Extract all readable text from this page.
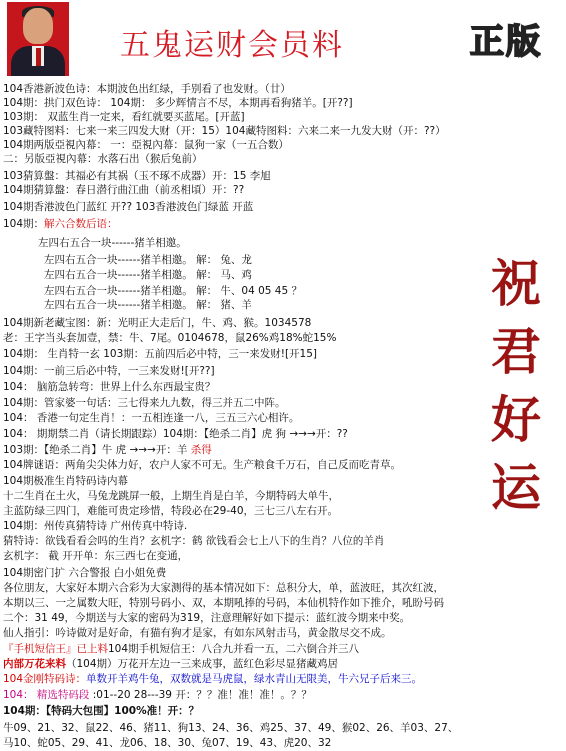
五鬼运财会员料	正版
104香港新波色诗：本期波色出红绿，手别看了也发财。（廿）
104期：拱门双色诗： 104期： 多少辉情言不尽，本期再看狗猪羊。[开??]
103期： 双蓝生肖一定来，看红就要买蓝尾。[开蓝]
103藏特图料：七来一来三四发大财（开：15）104藏特图料：六来二来一九发大财（开：??）
104期两版亞視內幕： 一：亞視內幕：鼠狗一家（一五合数）
二：另版亞視內幕：水落石出（猴后兔前）
103猜算盤：其福必有其祸（玉不琢不成器）开：15 李旭
104期猜算盤：春日潜行曲江曲（前丞相頃）开：??
104期香港波色门蓝红 开?? 103香港波色门绿蓝 开蓝
104期：解六合数后语：
左四右五合一块------猪羊相邀。
左四右五合一块------猪羊相邀。 解： 兔、龙
左四右五合一块------猪羊相邀。 解： 马、鸡
左四右五合一块------猪羊相邀。 解： 牛、04 05 45 ？
左四右五合一块------猪羊相邀。 解： 猪、羊
104期新老藏宝图：新：光明正大走后门，牛、鸡、猴。1034578
老：王字当头套加壹，禁：牛、7尾。0104678，鼠26%鸡18%蛇15%
104期： 生肖特一玄 103期：五前四后必中特，三一来发财![开15]
104期：一前三后必中特，一三来发财![开??]
104： 脑筋急转弯：世界上什么东西最宝贵？
104期：管家婆一句话：三七得来九九数，得三并五二中阵。
104： 香港一句定生肖！：一五相连逢一八，三五三六心相许。
104： 期期禁二肖（请长期跟踪）104期：【绝杀二肖】虎 狗 →→→开：??
103期：【绝杀二肖】牛 虎 →→→开：羊 杀得
104牌谜语：两角尖尖体力好，农户人家不可无。生产粮食千万石，自己反而吃青草。
104期极准生肖特码诗内幕
十二生肖在土火，马兔龙跳屏一般，上期生肖是白羊，今期特码大单牛，
主蓝防绿三四门，难能可贵定珍惜，特段必在29-40，三七三八左右开。
104期：州传真猜特诗 广州传真中特诗.
猜特诗：欲钱看看会吗的生肖？玄机字：鹤 欲钱看会七上八下的生肖？八位的羊肖
玄机字： 截 开开单：东三西七在变通，
104期密门扩 六合警报 白小姐免费
各位朋友，大家好本期六合彩为大家测得的基本情况如下：总积分大，单，蓝波旺，其次红波，
本期以三、一之属数大旺，特别号码小、双，本期吼捧的号码，本仙机特作如下推介，吼盼号码
二个：31 49，今期送与大家的密码为319，注意理解好如下提示：蓝红波今期来中奖。
仙人指引：吟诗做对是好命，有猫有狗才是家，有如东风射击马，黄金散尽交不成。
『手机短信王』已上料104期手机短信王：八合九并看一五，二六倒合并三八
内部万花来料（104期）万花开左边一三来成事，蓝红色彩尽显猪藏鸡居
104金刚特码诗：单数开羊鸡牛兔，双数就是马虎鼠，绿水青山无限美，牛六兄子后来三。
104： 精选特码段 :01--20 28---39 开：？？准！准！准！。？？
104期：【特码大包围】100%准！开：？
牛09、21、32、鼠22、46、猪11、狗13、24、36、鸡25、37、49、猴02、26、羊03、27、
马10、蛇05、29、41、龙06、18、30、兔07、19、43、虎20、32
祝
君
好
运
